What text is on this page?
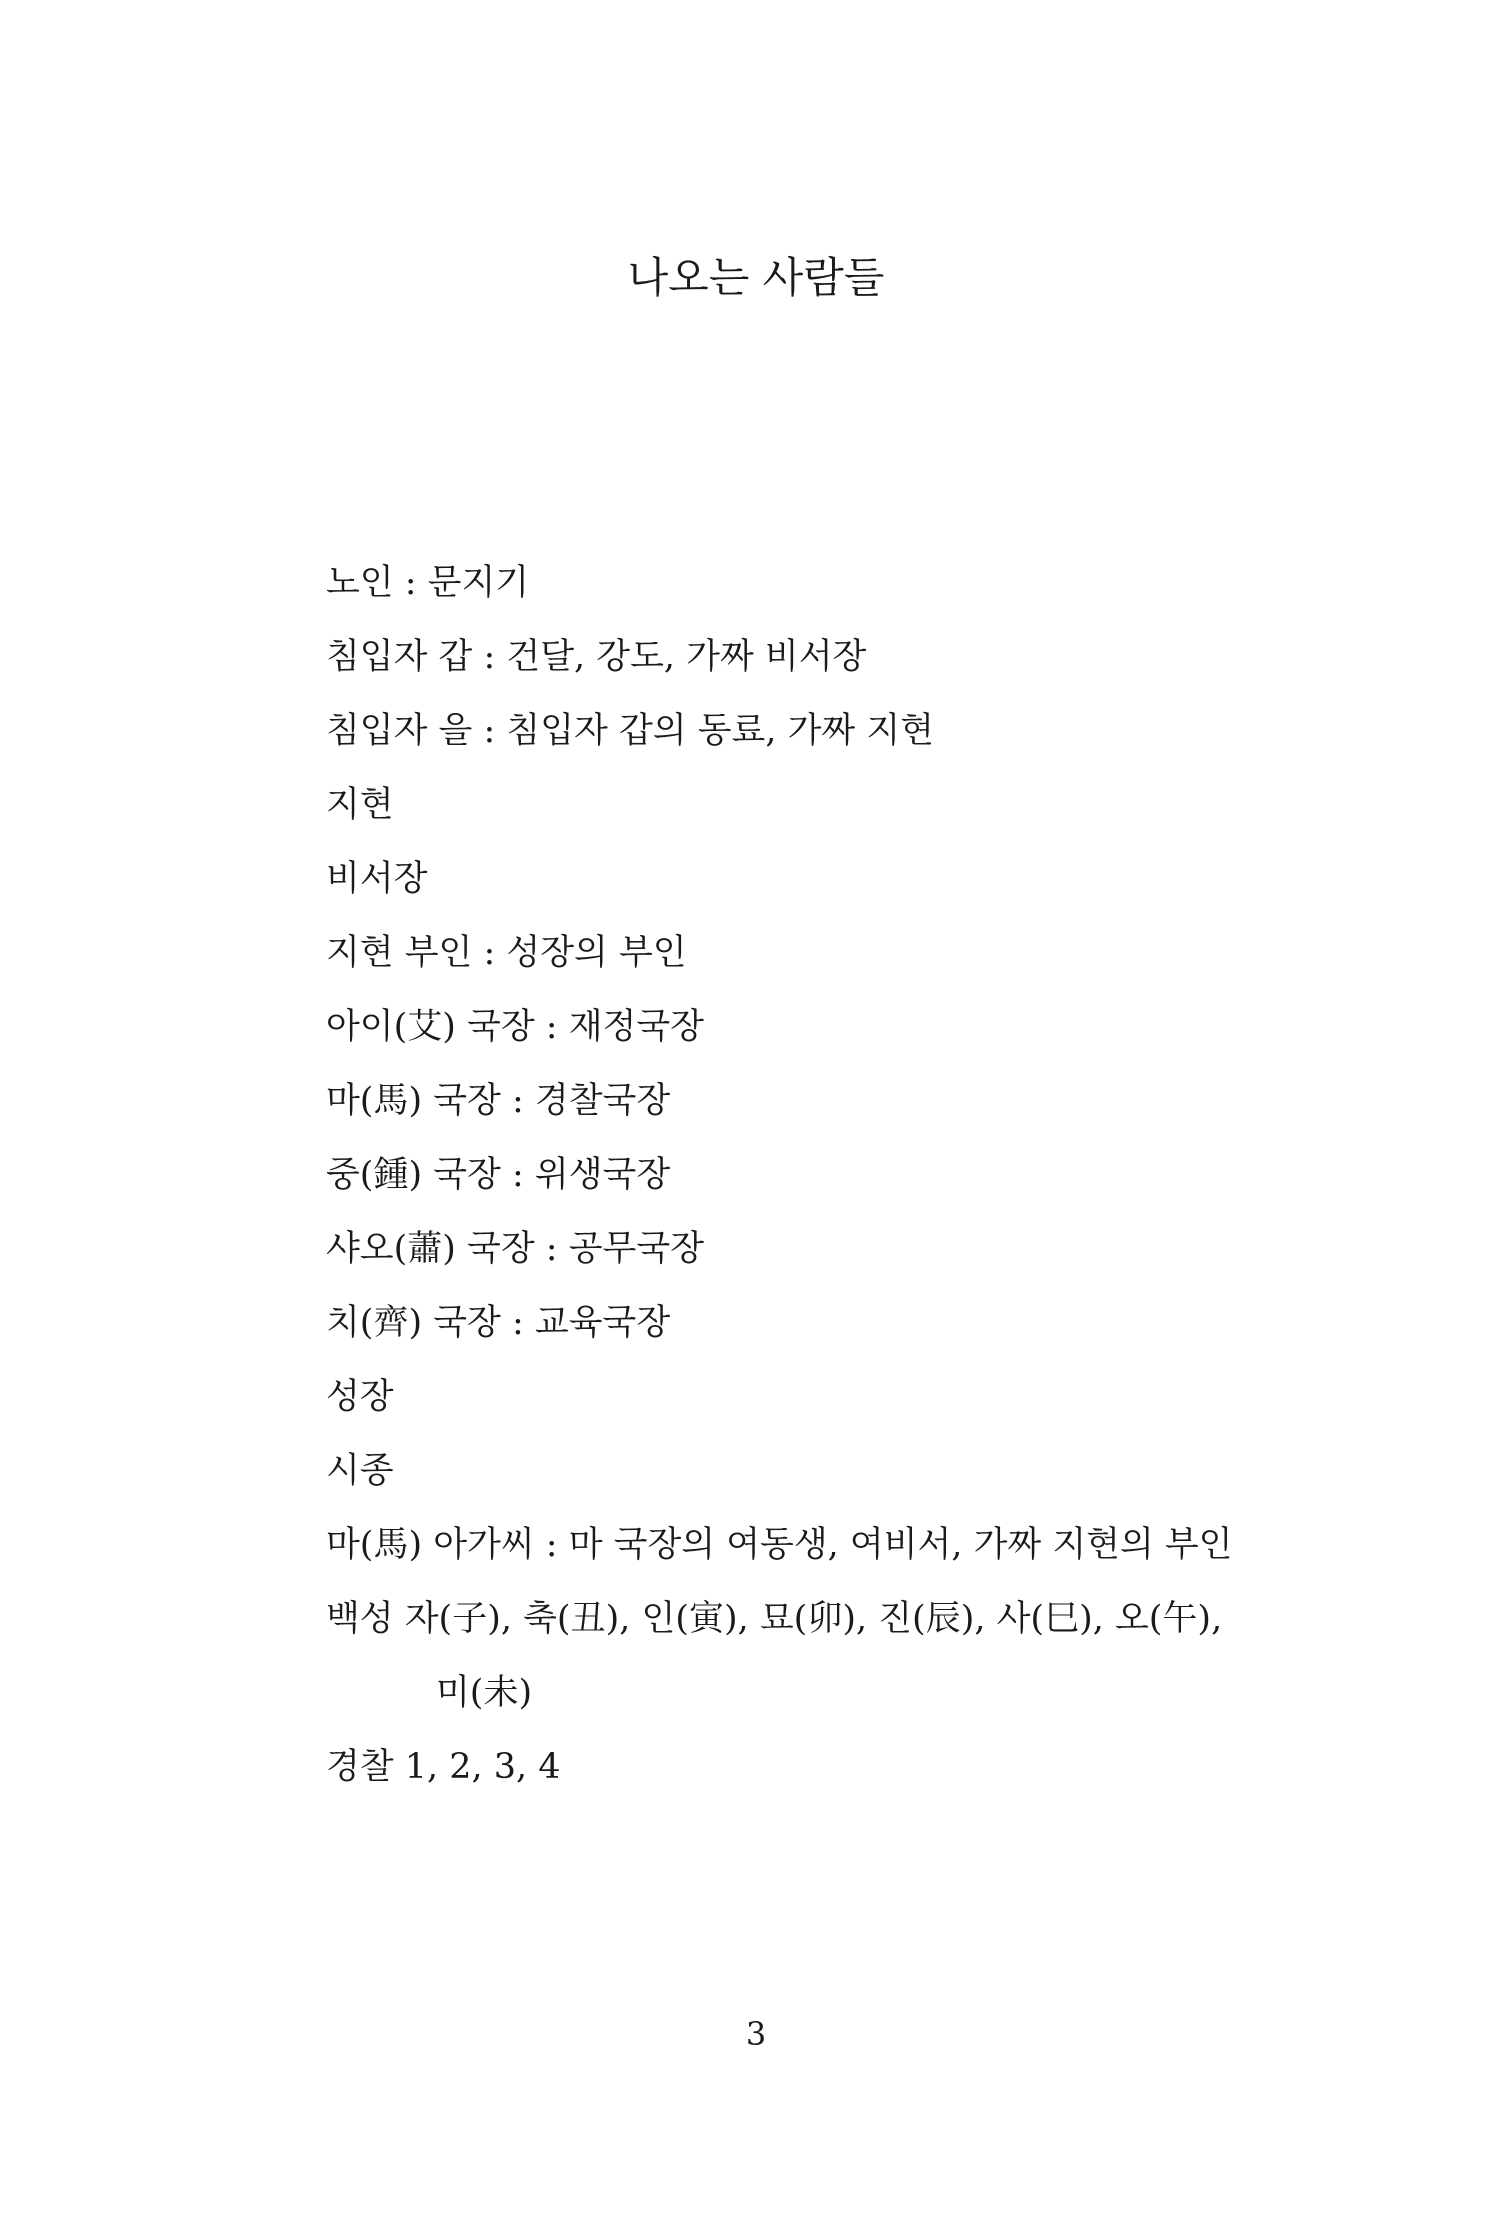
나오는 사람들
노인 : 문지기
침입자 갑 : 건달, 강도, 가짜 비서장
침입자 을 : 침입자 갑의 동료, 가짜 지현
지현
비서장
지현 부인 : 성장의 부인
아이(艾) 국장 : 재정국장
마(馬) 국장 : 경찰국장
중(鍾) 국장 : 위생국장
샤오(蕭) 국장 : 공무국장
치(齊) 국장 : 교육국장
성장
시종
마(馬) 아가씨 : 마 국장의 여동생, 여비서, 가짜 지현의 부인
백성 자(子), 축(丑), 인(寅), 묘(卯), 진(辰), 사(巳), 오(午),
미(未)
경찰 1, 2, 3, 4
3
